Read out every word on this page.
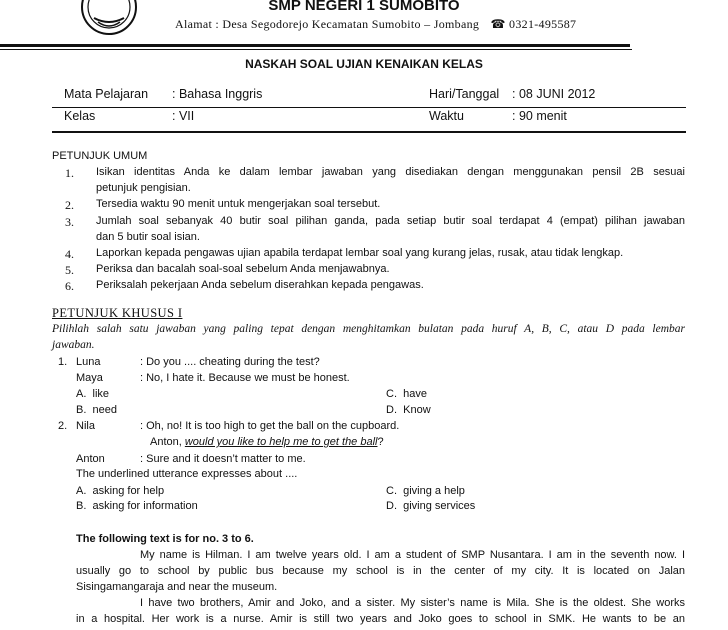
SMP NEGERI 1 SUMOBITO
Alamat : Desa Segodorejo Kecamatan Sumobito – Jombang ☎ 0321-495587
NASKAH SOAL UJIAN KENAIKAN KELAS
Mata Pelajaran : Bahasa Inggris	Hari/Tanggal : 08 JUNI 2012
Kelas	: VII	Waktu	: 90 menit
PETUNJUK UMUM
1. Isikan identitas Anda ke dalam lembar jawaban yang disediakan dengan menggunakan pensil 2B sesuai
petunjuk pengisian.
2. Tersedia waktu 90 menit untuk mengerjakan soal tersebut.
3. Jumlah soal sebanyak 40 butir soal pilihan ganda, pada setiap butir soal terdapat 4 (empat) pilihan jawaban
dan 5 butir soal isian.
4. Laporkan kepada pengawas ujian apabila terdapat lembar soal yang kurang jelas, rusak, atau tidak lengkap.
5. Periksa dan bacalah soal-soal sebelum Anda menjawabnya.
6. Periksalah pekerjaan Anda sebelum diserahkan kepada pengawas.
PETUNJUK KHUSUS I
Pilihlah salah satu jawaban yang paling tepat dengan menghitamkan bulatan pada huruf A, B, C, atau D pada lembar
jawaban.
1. Luna	: Do you .... cheating during the test?
Maya	: No, I hate it. Because we must be honest.
A. like	C. have
B. need	D. Know
2. Nila	: Oh, no! It is too high to get the ball on the cupboard.
Anton, would you like to help me to get the ball?
Anton	: Sure and it doesn’t matter to me.
The underlined utterance expresses about ....
A. asking for help	C. giving a help
B. asking for information	D. giving services
The following text is for no. 3 to 6.
My name is Hilman. I am twelve years old. I am a student of SMP Nusantara. I am in the seventh now. I
usually go to school by public bus because my school is in the center of my city. It is located on Jalan
Sisingamangaraja and near the museum.
I have two brothers, Amir and Joko, and a sister. My sister’s name is Mila. She is the oldest. She works
in a hospital. Her work is a nurse. Amir is still two years and Joko goes to school in SMK. He wants to be an
